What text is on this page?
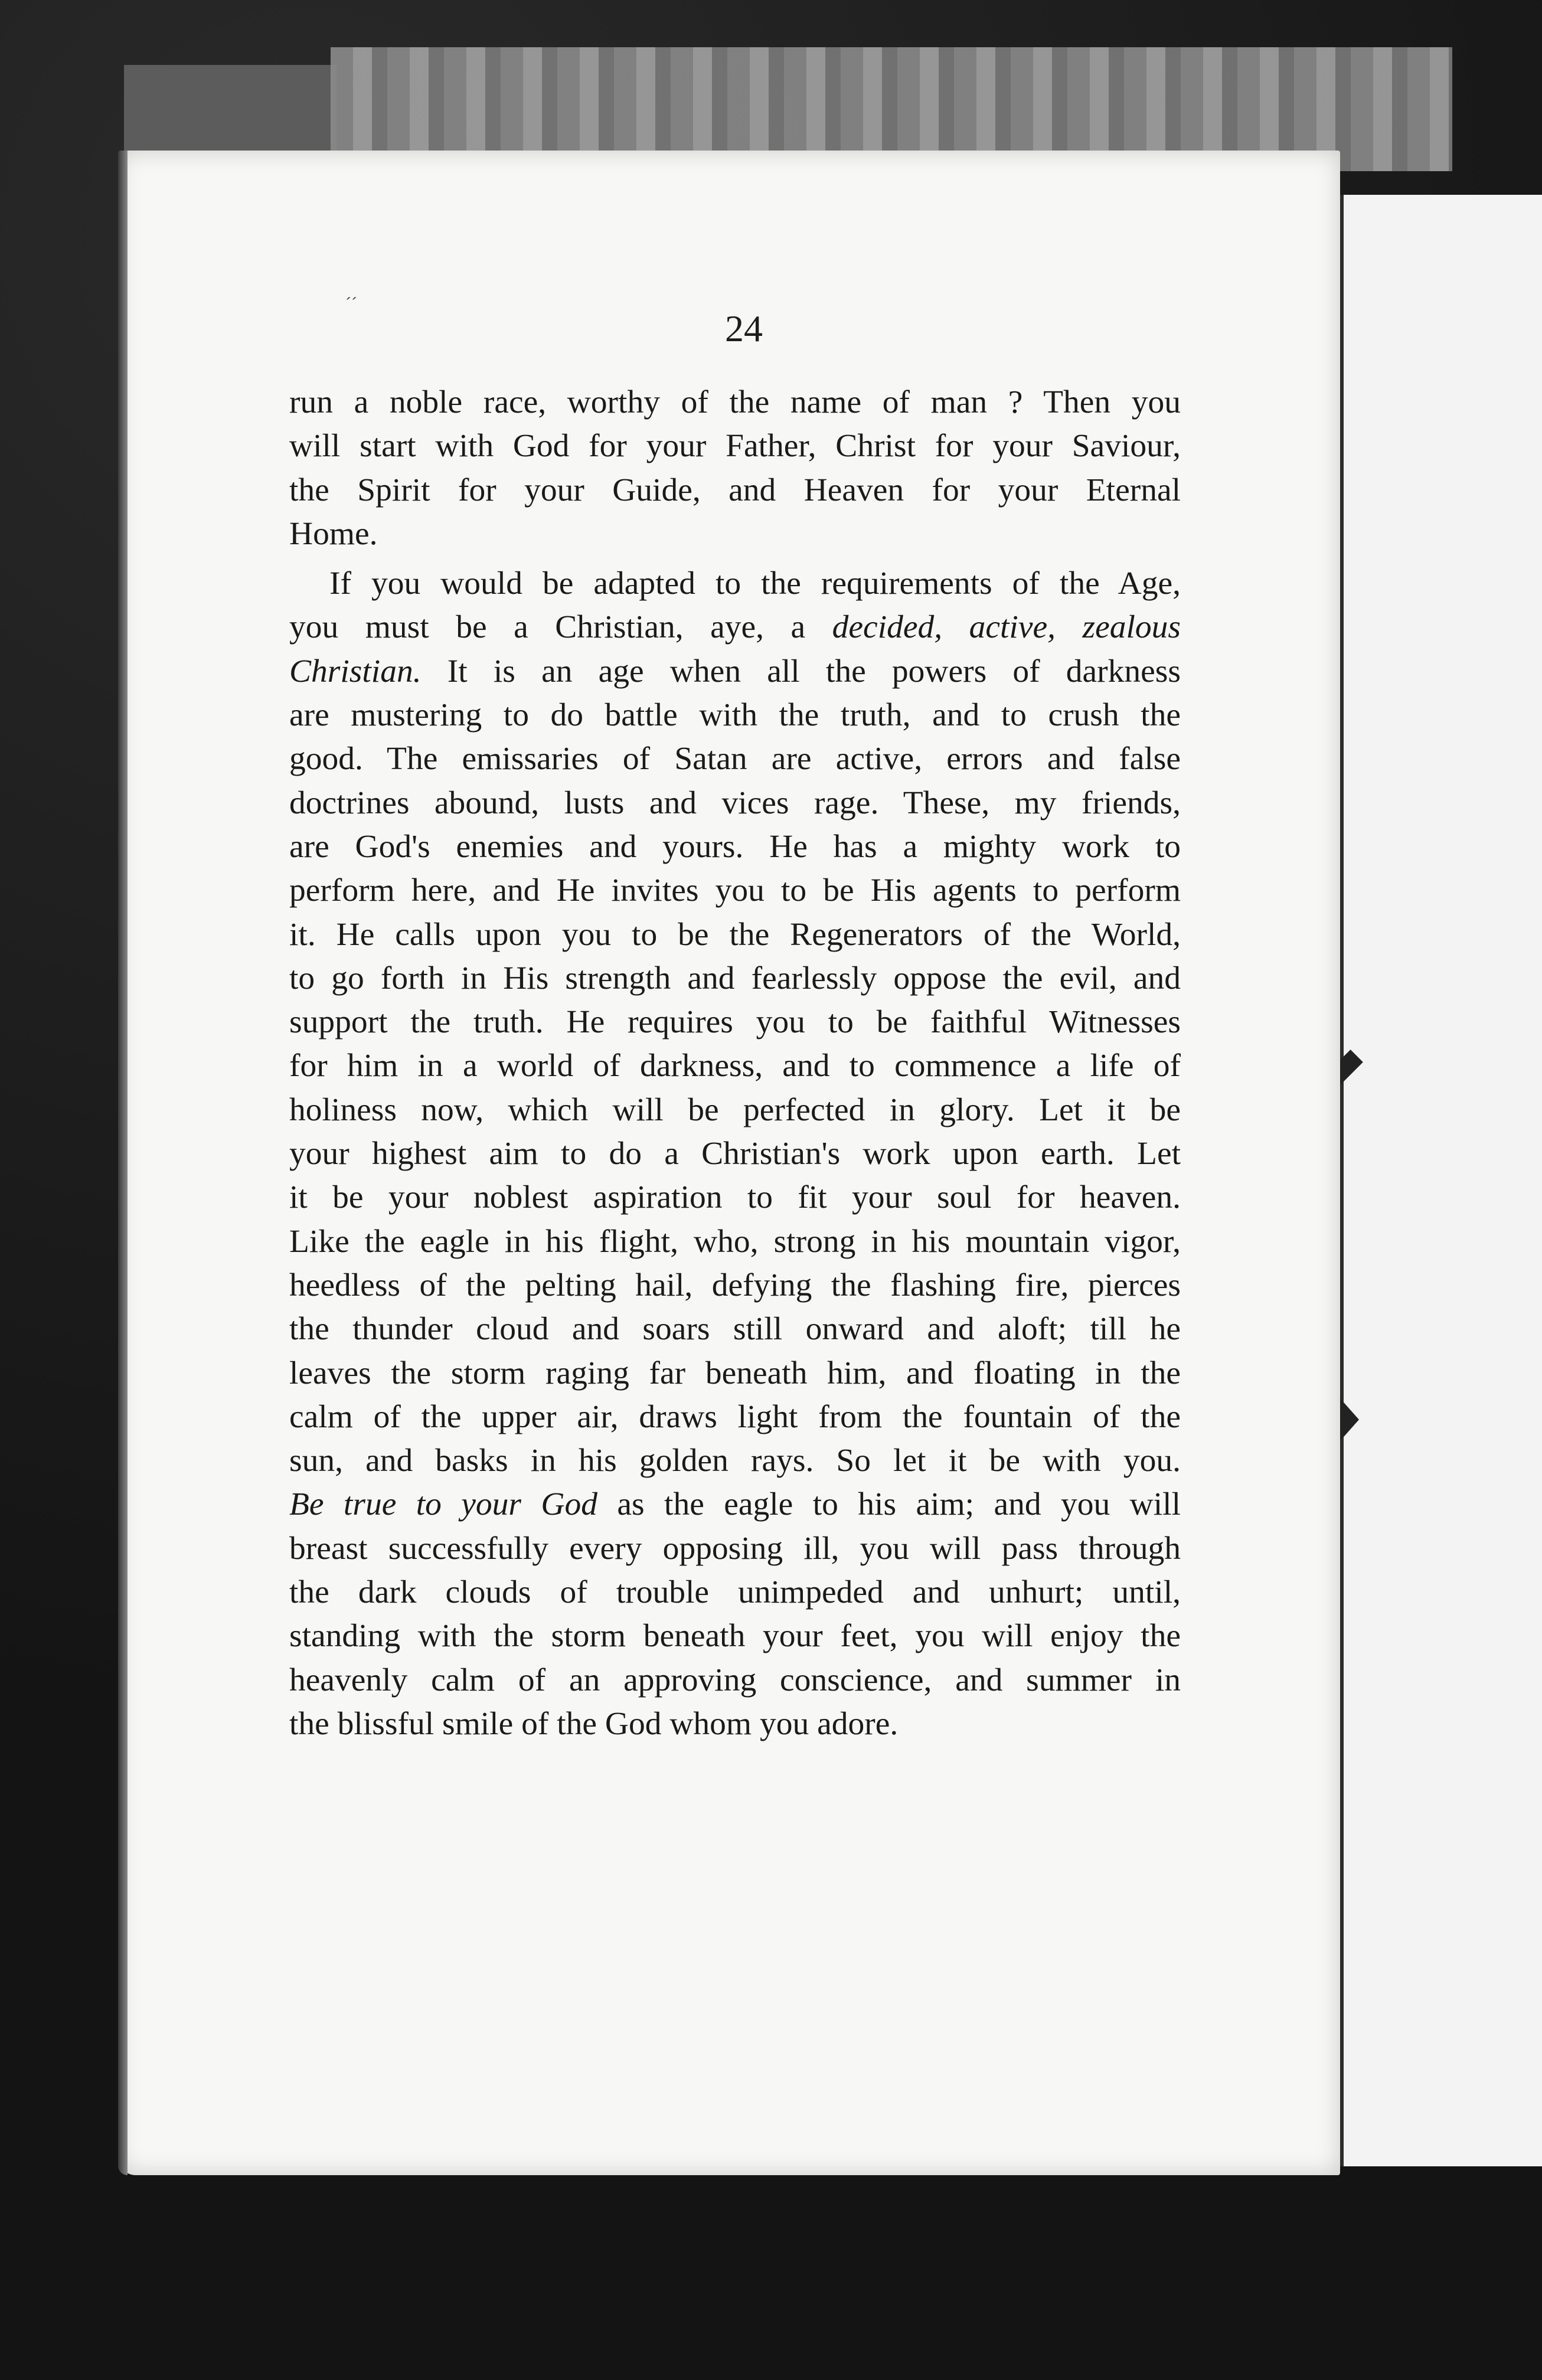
´´
24
run a noble race, worthy of the name of man ? Then you
will start with God for your Father, Christ for your Saviour,
the Spirit for your Guide, and Heaven for your Eternal
Home.
If you would be adapted to the requirements of the Age,
you must be a Christian, aye, a decided, active, zealous
Christian. It is an age when all the powers of darkness
are mustering to do battle with the truth, and to crush the
good. The emissaries of Satan are active, errors and false
doctrines abound, lusts and vices rage. These, my friends,
are God's enemies and yours. He has a mighty work to
perform here, and He invites you to be His agents to perform
it. He calls upon you to be the Regenerators of the World,
to go forth in His strength and fearlessly oppose the evil, and
support the truth. He requires you to be faithful Witnesses
for him in a world of darkness, and to commence a life of
holiness now, which will be perfected in glory. Let it be
your highest aim to do a Christian's work upon earth. Let
it be your noblest aspiration to fit your soul for heaven.
Like the eagle in his flight, who, strong in his mountain vigor,
heedless of the pelting hail, defying the flashing fire, pierces
the thunder cloud and soars still onward and aloft; till he
leaves the storm raging far beneath him, and floating in the
calm of the upper air, draws light from the fountain of the
sun, and basks in his golden rays. So let it be with you.
Be true to your God as the eagle to his aim; and you will
breast successfully every opposing ill, you will pass through
the dark clouds of trouble unimpeded and unhurt; until,
standing with the storm beneath your feet, you will enjoy the
heavenly calm of an approving conscience, and summer in
the blissful smile of the God whom you adore.
